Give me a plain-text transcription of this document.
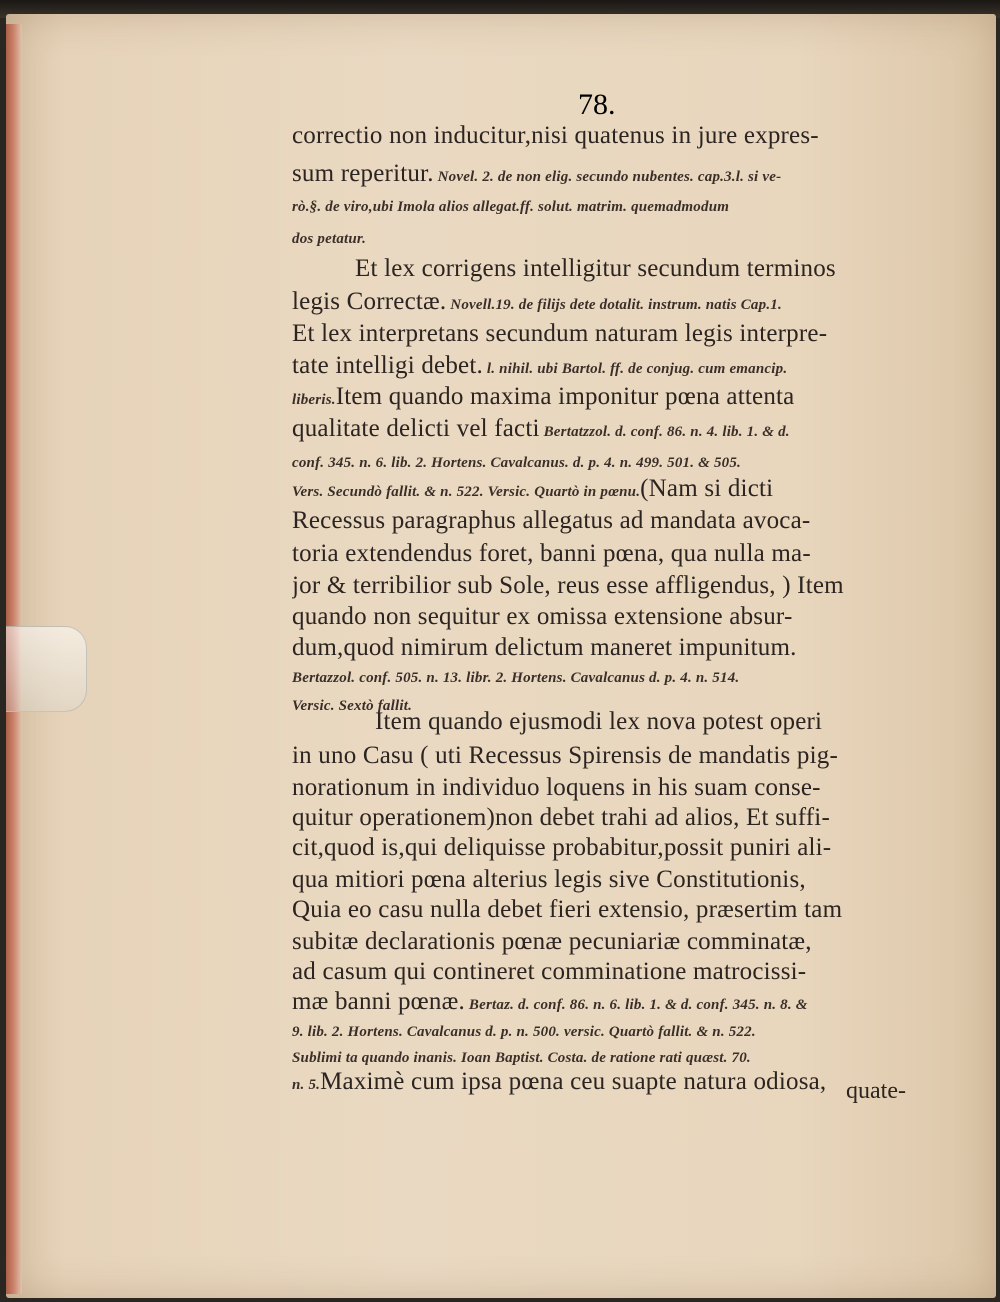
78.
correctio non inducitur,nisi quatenus in jure expres-
sum reperitur. Novel. 2. de non elig. secundo nubentes. cap.3.l. si ve-
rò.§. de viro,ubi Imola alios allegat.ff. solut. matrim. quemadmodum
dos petatur.
Et lex corrigens intelligitur secundum terminos
legis Correctæ. Novell.19. de filijs dete dotalit. instrum. natis Cap.1.
Et lex interpretans secundum naturam legis interpre-
tate intelligi debet. l. nihil. ubi Bartol. ff. de conjug. cum emancip.
liberis.Item quando maxima imponitur pœna attenta
qualitate delicti vel facti Bertatzzol. d. conf. 86. n. 4. lib. 1. & d.
conf. 345. n. 6. lib. 2. Hortens. Cavalcanus. d. p. 4. n. 499. 501. & 505.
Vers. Secundò fallit. & n. 522. Versic. Quartò in pœnu.(Nam si dicti
Recessus paragraphus allegatus ad mandata avoca-
toria extendendus foret, banni pœna, qua nulla ma-
jor & terribilior sub Sole, reus esse affligendus, ) Item
quando non sequitur ex omissa extensione absur-
dum,quod nimirum delictum maneret impunitum.
Bertazzol. conf. 505. n. 13. libr. 2. Hortens. Cavalcanus d. p. 4. n. 514.
Versic. Sextò fallit.
Item quando ejusmodi lex nova potest operi
in uno Casu ( uti Recessus Spirensis de mandatis pig-
norationum in individuo loquens in his suam conse-
quitur operationem)non debet trahi ad alios, Et suffi-
cit,quod is,qui deliquisse probabitur,possit puniri ali-
qua mitiori pœna alterius legis sive Constitutionis,
Quia eo casu nulla debet fieri extensio, præsertim tam
subitæ declarationis pœnæ pecuniariæ comminatæ,
ad casum qui contineret comminatione matrocissi-
mæ banni pœnæ. Bertaz. d. conf. 86. n. 6. lib. 1. & d. conf. 345. n. 8. &
9. lib. 2. Hortens. Cavalcanus d. p. n. 500. versic. Quartò fallit. & n. 522.
Sublimi ta quando inanis. Ioan Baptist. Costa. de ratione rati quæst. 70.
n. 5.Maximè cum ipsa pœna ceu suapte natura odiosa, quate-
